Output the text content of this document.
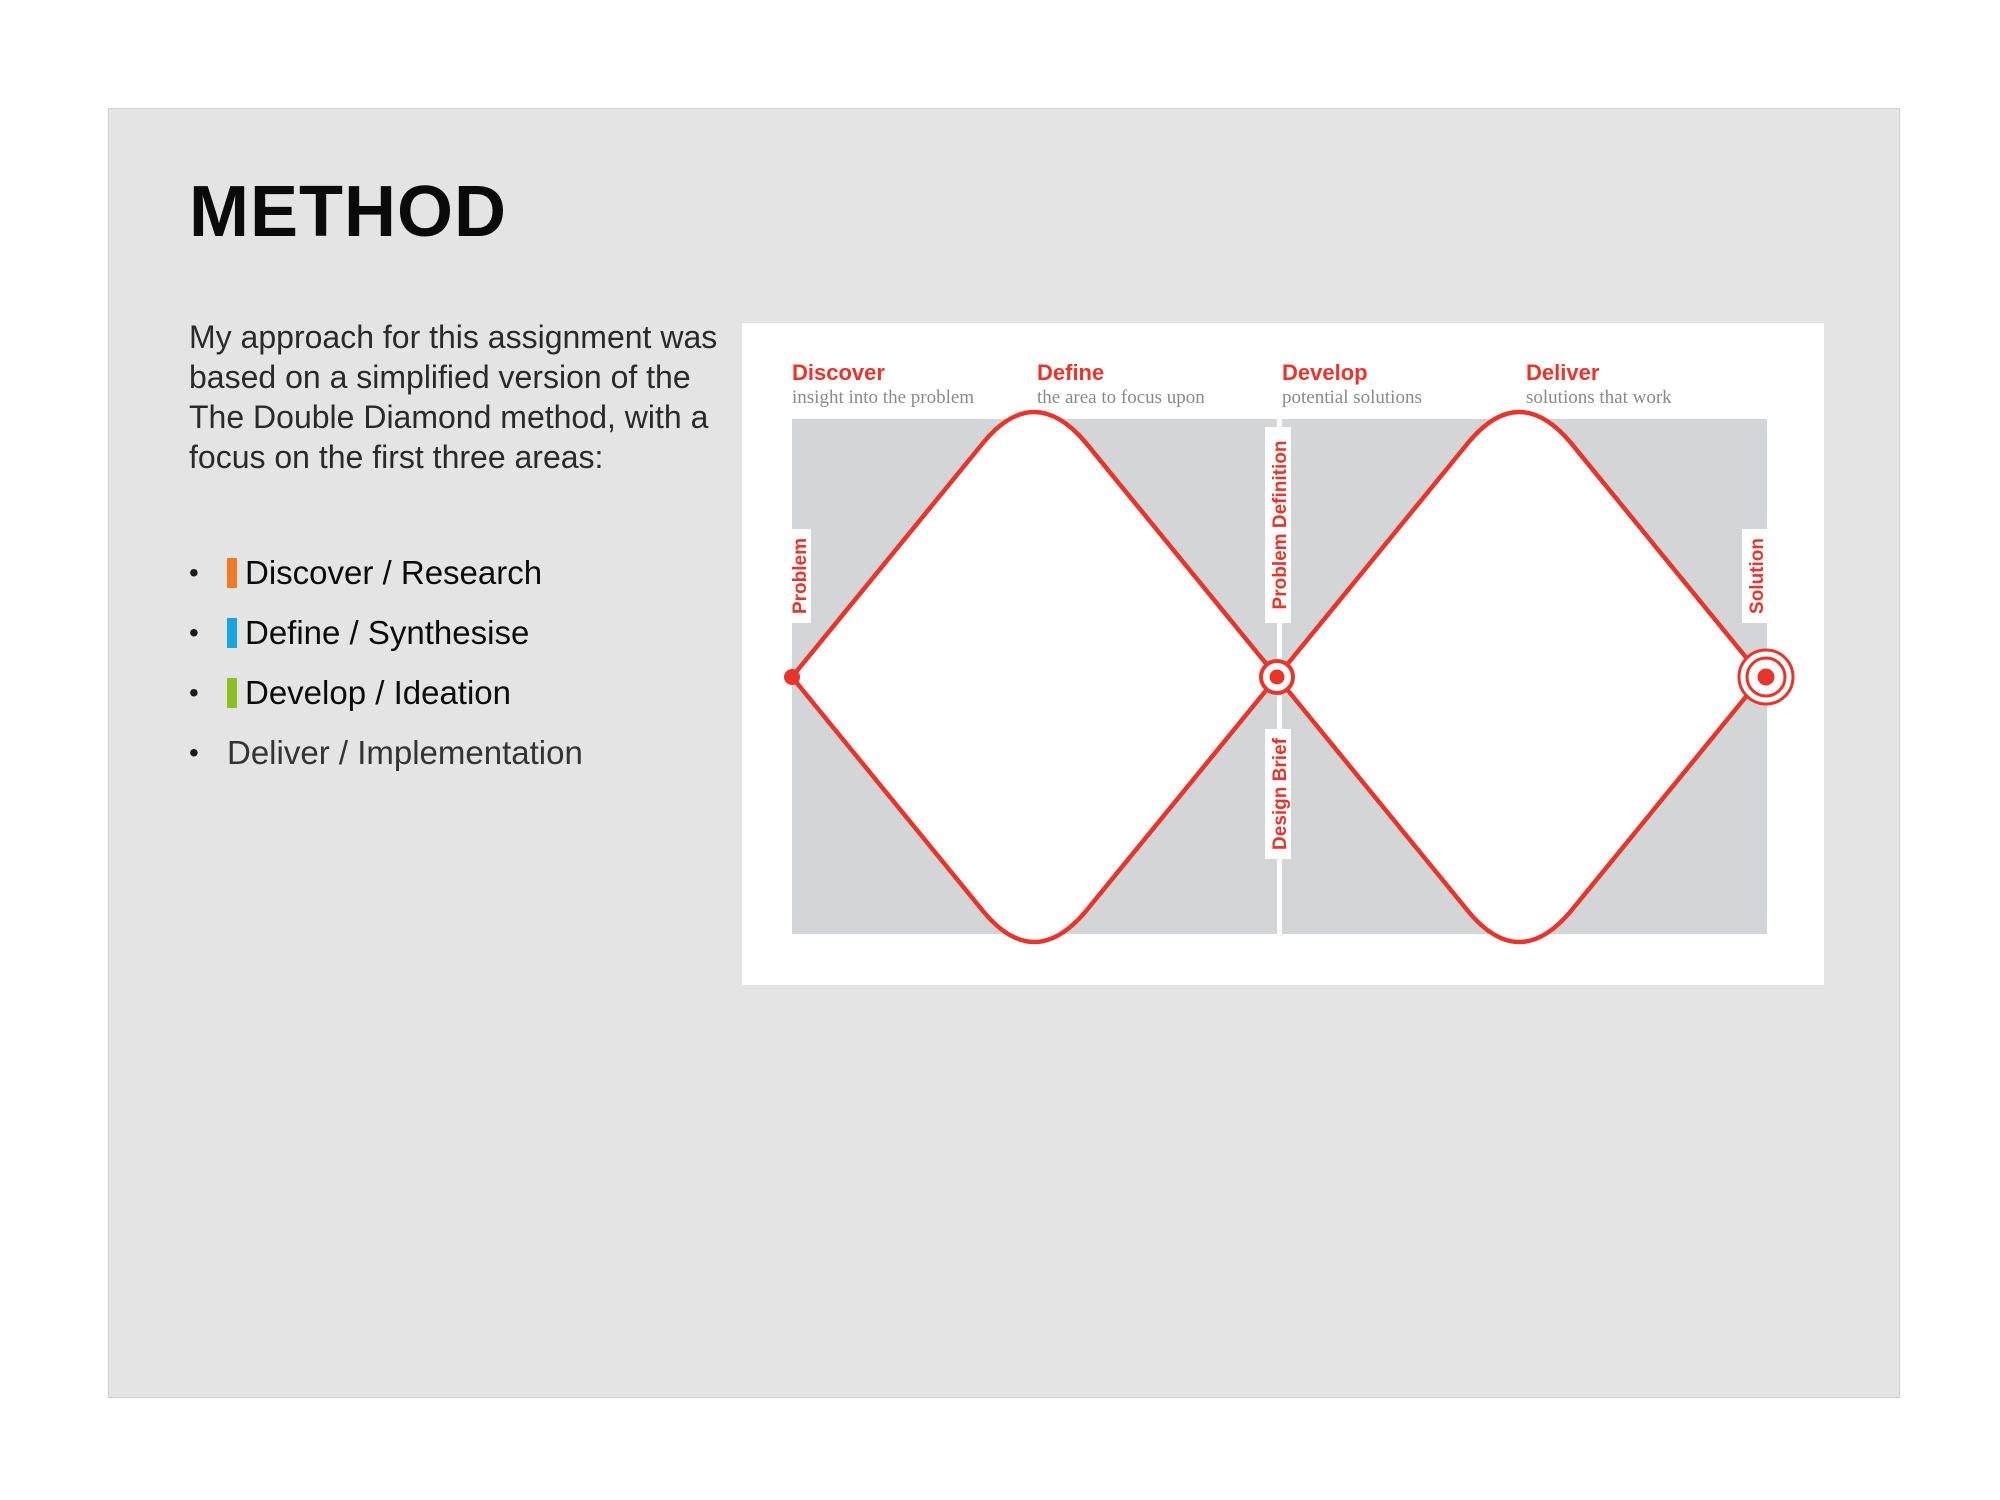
METHOD

My approach for this assignment was based on a simplified version of the The Double Diamond method, with a focus on the first three areas:

•	Discover / Research
•	Define / Synthesise
•	Develop / Ideation
• Deliver / Implementation
Discover	Define	Develop	Deliver
insight into the problem	the area to focus upon	potential solutions	solutions that work
Problem	Problem Definition
Design Brief
Solution
